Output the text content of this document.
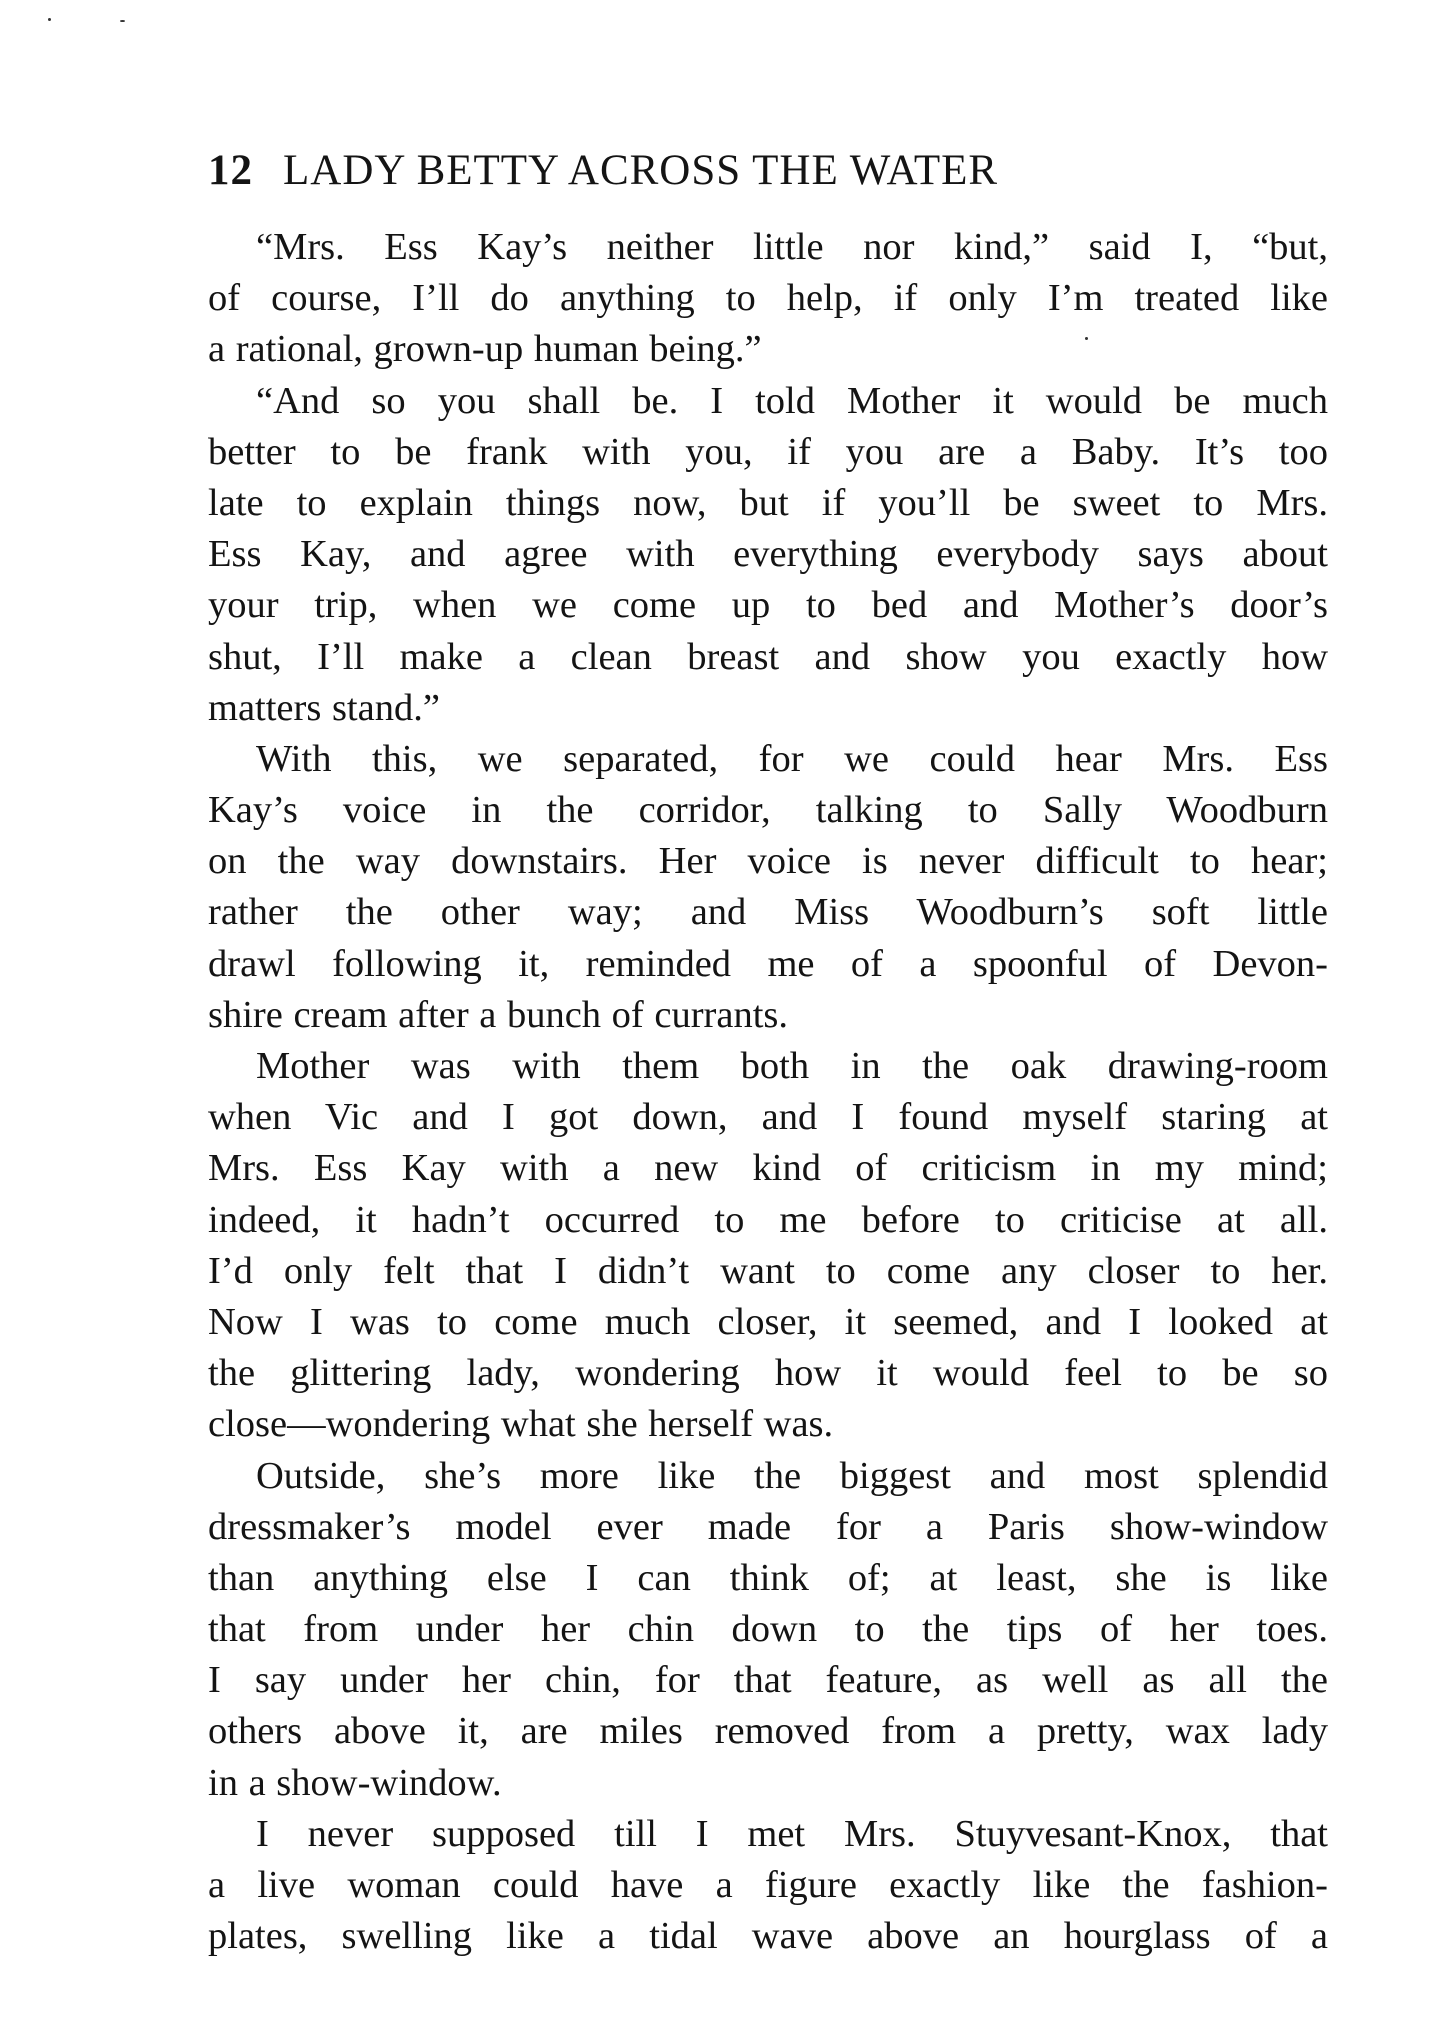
12 LADY BETTY ACROSS THE WATER
“Mrs. Ess Kay’s neither little nor kind,” said I, “but,
of course, I’ll do anything to help, if only I’m treated like
a rational, grown-up human being.”
“And so you shall be. I told Mother it would be much
better to be frank with you, if you are a Baby. It’s too
late to explain things now, but if you’ll be sweet to Mrs.
Ess Kay, and agree with everything everybody says about
your trip, when we come up to bed and Mother’s door’s
shut, I’ll make a clean breast and show you exactly how
matters stand.”
With this, we separated, for we could hear Mrs. Ess
Kay’s voice in the corridor, talking to Sally Woodburn
on the way downstairs. Her voice is never difficult to hear;
rather the other way; and Miss Woodburn’s soft little
drawl following it, reminded me of a spoonful of Devon-
shire cream after a bunch of currants.
Mother was with them both in the oak drawing-room
when Vic and I got down, and I found myself staring at
Mrs. Ess Kay with a new kind of criticism in my mind;
indeed, it hadn’t occurred to me before to criticise at all.
I’d only felt that I didn’t want to come any closer to her.
Now I was to come much closer, it seemed, and I looked at
the glittering lady, wondering how it would feel to be so
close—wondering what she herself was.
Outside, she’s more like the biggest and most splendid
dressmaker’s model ever made for a Paris show-window
than anything else I can think of; at least, she is like
that from under her chin down to the tips of her toes.
I say under her chin, for that feature, as well as all the
others above it, are miles removed from a pretty, wax lady
in a show-window.
I never supposed till I met Mrs. Stuyvesant-Knox, that
a live woman could have a figure exactly like the fashion-
plates, swelling like a tidal wave above an hourglass of a
